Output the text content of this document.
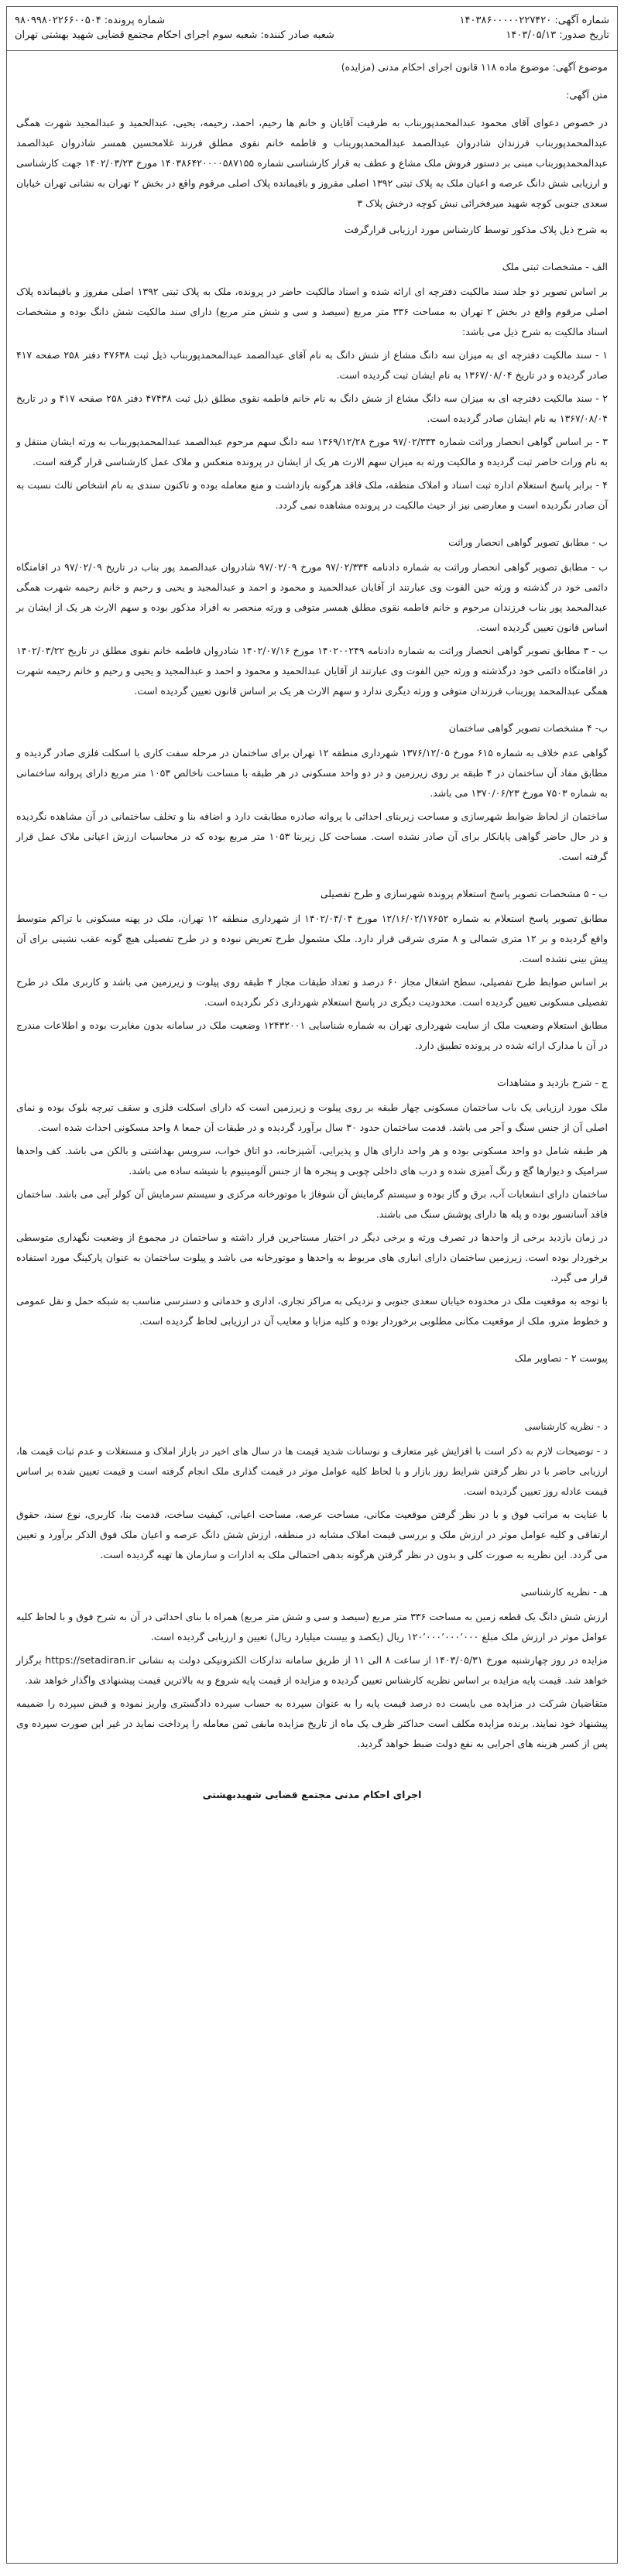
شماره آگهی: ۱۴۰۳۸۶۰۰۰۰۰۲۲۷۴۲۰
تاریخ صدور: ۱۴۰۳/۰۵/۱۳
شماره پرونده: ۹۸۰۹۹۸۰۲۲۶۶۰۰۵۰۴
شعبه صادر کننده: شعبه سوم اجرای احکام مجتمع قضایی شهید بهشتی تهران
موضوع آگهی: موضوع ماده ۱۱۸ قانون اجرای احکام مدنی (مزایده)
متن آگهی:
در خصوص دعوای آقای محمود عبدالمحمدپوربناب به طرفیت آقایان و خانم ها رحیم، احمد، رحیمه، یحیی، عبدالحمید و عبدالمجید شهرت همگی عبدالمحمدپوربناب فرزندان شادروان عبدالصمد عبدالمحمدپوربناب و فاطمه خانم نقوی مطلق فرزند غلامحسین همسر شادروان عبدالصمد عبدالمحمدپوربناب مبنی بر دستور فروش ملک مشاع و عطف به قرار کارشناسی شماره ۱۴۰۳۸۶۴۲۰۰۰۰۵۸۷۱۵۵ مورخ ۱۴۰۲/۰۳/۲۳ جهت کارشناسی و ارزیابی شش دانگ عرصه و اعیان ملک به پلاک ثبتی ۱۳۹۲ اصلی مفروز و باقیمانده پلاک اصلی مرقوم واقع در بخش ۲ تهران به نشانی تهران خیابان سعدی جنوبی کوچه شهید میرفخرائی نبش کوچه درخش پلاک ۳
به شرح ذیل پلاک مذکور توسط کارشناس مورد ارزیابی قرارگرفت
الف - مشخصات ثبتی ملک
بر اساس تصویر دو جلد سند مالکیت دفترچه ای ارائه شده و اسناد مالکیت حاضر در پرونده، ملک به پلاک ثبتی ۱۳۹۲ اصلی مفروز و باقیمانده پلاک اصلی مرقوم واقع در بخش ۲ تهران به مساحت ۳۳۶ متر مربع (سیصد و سی و شش متر مربع) دارای سند مالکیت شش دانگ بوده و مشخصات اسناد مالکیت به شرح ذیل می باشد:
۱ - سند مالکیت دفترچه ای به میزان سه دانگ مشاع از شش دانگ به نام آقای عبدالصمد عبدالمحمدپوربناب ذیل ثبت ۴۷۶۳۸ دفتر ۲۵۸ صفحه ۴۱۷ صادر گردیده و در تاریخ ۱۳۶۷/۰۸/۰۴ به نام ایشان ثبت گردیده است.
۲ - سند مالکیت دفترچه ای به میزان سه دانگ مشاع از شش دانگ به نام خانم فاطمه نقوی مطلق ذیل ثبت ۴۷۴۳۸ دفتر ۲۵۸ صفحه ۴۱۷ و در تاریخ ۱۳۶۷/۰۸/۰۴ به نام ایشان صادر گردیده است.
۳ - بر اساس گواهی انحصار وراثت شماره ۹۷/۰۲/۳۳۴ مورخ ۱۳۶۹/۱۲/۲۸ سه دانگ سهم مرحوم عبدالصمد عبدالمحمدپوربناب به ورثه ایشان منتقل و به نام وراث حاضر ثبت گردیده و مالکیت ورثه به میزان سهم الارث هر یک از ایشان در پرونده منعکس و ملاک عمل کارشناسی قرار گرفته است.
۴ - برابر پاسخ استعلام اداره ثبت اسناد و املاک منطقه، ملک فاقد هرگونه بازداشت و منع معامله بوده و تاکنون سندی به نام اشخاص ثالث نسبت به آن صادر نگردیده است و معارضی نیز از حیث مالکیت در پرونده مشاهده نمی گردد.
ب - مطابق تصویر گواهی انحصار وراثت
ب - مطابق تصویر گواهی انحصار وراثت به شماره دادنامه ۹۷/۰۲/۳۳۴ مورخ ۹۷/۰۲/۰۹ شادروان عبدالصمد پور بناب در تاریخ ۹۷/۰۲/۰۹ در اقامتگاه دائمی خود در گذشته و ورثه حین الفوت وی عبارتند از آقایان عبدالحمید و محمود و احمد و عبدالمجید و یحیی و رحیم و خانم رحیمه شهرت همگی عبدالمحمد پور بناب فرزندان مرحوم و خانم فاطمه نقوی مطلق همسر متوفی و ورثه منحصر به افراد مذکور بوده و سهم الارث هر یک از ایشان بر اساس قانون تعیین گردیده است.
ب - ۳ مطابق تصویر گواهی انحصار وراثت به شماره دادنامه ۱۴۰۲۰۰۲۴۹ مورخ ۱۴۰۲/۰۷/۱۶ شادروان فاطمه خانم نقوی مطلق در تاریخ ۱۴۰۲/۰۳/۲۲ در اقامتگاه دائمی خود درگذشته و ورثه حین الفوت وی عبارتند از آقایان عبدالحمید و محمود و احمد و عبدالمجید و یحیی و رحیم و خانم رحیمه شهرت همگی عبدالمحمد پوربناب فرزندان متوفی و ورثه دیگری ندارد و سهم الارث هر یک بر اساس قانون تعیین گردیده است.
ب- ۴ مشخصات تصویر گواهی ساختمان
گواهی عدم خلاف به شماره ۶۱۵ مورخ ۱۳۷۶/۱۲/۰۵ شهرداری منطقه ۱۲ تهران برای ساختمان در مرحله سفت کاری با اسکلت فلزی صادر گردیده و مطابق مفاد آن ساختمان در ۴ طبقه بر روی زیرزمین و در دو واحد مسکونی در هر طبقه با مساحت ناخالص ۱۰۵۳ متر مربع دارای پروانه ساختمانی به شماره ۷۵۰۳ مورخ ۱۳۷۰/۰۶/۲۳ می باشد.
ساختمان از لحاظ ضوابط شهرسازی و مساحت زیربنای احداثی با پروانه صادره مطابقت دارد و اضافه بنا و تخلف ساختمانی در آن مشاهده نگردیده و در حال حاضر گواهی پایانکار برای آن صادر نشده است. مساحت کل زیربنا ۱۰۵۳ متر مربع بوده که در محاسبات ارزش اعیانی ملاک عمل قرار گرفته است.
ب - ۵ مشخصات تصویر پاسخ استعلام پرونده شهرسازی و طرح تفصیلی
مطابق تصویر پاسخ استعلام به شماره ۱۲/۱۶/۰۲/۱۷۶۵۲ مورخ ۱۴۰۲/۰۴/۰۴ از شهرداری منطقه ۱۲ تهران، ملک در پهنه مسکونی با تراکم متوسط واقع گردیده و بر ۱۲ متری شمالی و ۸ متری شرقی قرار دارد. ملک مشمول طرح تعریض نبوده و در طرح تفصیلی هیچ گونه عقب نشینی برای آن پیش بینی نشده است.
بر اساس ضوابط طرح تفصیلی، سطح اشغال مجاز ۶۰ درصد و تعداد طبقات مجاز ۴ طبقه روی پیلوت و زیرزمین می باشد و کاربری ملک در طرح تفصیلی مسکونی تعیین گردیده است. محدودیت دیگری در پاسخ استعلام شهرداری ذکر نگردیده است.
مطابق استعلام وضعیت ملک از سایت شهرداری تهران به شماره شناسایی ۱۲۴۳۲۰۰۱ وضعیت ملک در سامانه بدون مغایرت بوده و اطلاعات مندرج در آن با مدارک ارائه شده در پرونده تطبیق دارد.
ج - شرح بازدید و مشاهدات
ملک مورد ارزیابی یک باب ساختمان مسکونی چهار طبقه بر روی پیلوت و زیرزمین است که دارای اسکلت فلزی و سقف تیرچه بلوک بوده و نمای اصلی آن از جنس سنگ و آجر می باشد. قدمت ساختمان حدود ۳۰ سال برآورد گردیده و در طبقات آن جمعا ۸ واحد مسکونی احداث شده است.
هر طبقه شامل دو واحد مسکونی بوده و هر واحد دارای هال و پذیرایی، آشپزخانه، دو اتاق خواب، سرویس بهداشتی و بالکن می باشد. کف واحدها سرامیک و دیوارها گچ و رنگ آمیزی شده و درب های داخلی چوبی و پنجره ها از جنس آلومینیوم با شیشه ساده می باشد.
ساختمان دارای انشعابات آب، برق و گاز بوده و سیستم گرمایش آن شوفاژ با موتورخانه مرکزی و سیستم سرمایش آن کولر آبی می باشد. ساختمان فاقد آسانسور بوده و پله ها دارای پوشش سنگ می باشند.
در زمان بازدید برخی از واحدها در تصرف ورثه و برخی دیگر در اختیار مستاجرین قرار داشته و ساختمان در مجموع از وضعیت نگهداری متوسطی برخوردار بوده است. زیرزمین ساختمان دارای انباری های مربوط به واحدها و موتورخانه می باشد و پیلوت ساختمان به عنوان پارکینگ مورد استفاده قرار می گیرد.
با توجه به موقعیت ملک در محدوده خیابان سعدی جنوبی و نزدیکی به مراکز تجاری، اداری و خدماتی و دسترسی مناسب به شبکه حمل و نقل عمومی و خطوط مترو، ملک از موقعیت مکانی مطلوبی برخوردار بوده و کلیه مزایا و معایب آن در ارزیابی لحاظ گردیده است.
پیوست ۲ - تصاویر ملک
د - نظریه کارشناسی
د - توضیحات لازم به ذکر است با افزایش غیر متعارف و نوسانات شدید قیمت ها در سال های اخیر در بازار املاک و مستغلات و عدم ثبات قیمت ها، ارزیابی حاضر با در نظر گرفتن شرایط روز بازار و با لحاظ کلیه عوامل موثر در قیمت گذاری ملک انجام گرفته است و قیمت تعیین شده بر اساس قیمت عادله روز تعیین گردیده است.
با عنایت به مراتب فوق و با در نظر گرفتن موقعیت مکانی، مساحت عرصه، مساحت اعیانی، کیفیت ساخت، قدمت بنا، کاربری، نوع سند، حقوق ارتفاقی و کلیه عوامل موثر در ارزش ملک و بررسی قیمت املاک مشابه در منطقه، ارزش شش دانگ عرصه و اعیان ملک فوق الذکر برآورد و تعیین می گردد. این نظریه به صورت کلی و بدون در نظر گرفتن هرگونه بدهی احتمالی ملک به ادارات و سازمان ها تهیه گردیده است.
هـ - نظریه کارشناسی
ارزش شش دانگ یک قطعه زمین به مساحت ۳۳۶ متر مربع (سیصد و سی و شش متر مربع) همراه با بنای احداثی در آن به شرح فوق و با لحاظ کلیه عوامل موثر در ارزش ملک مبلغ ۱۲۰٬۰۰۰٬۰۰۰٬۰۰۰ ریال (یکصد و بیست میلیارد ریال) تعیین و ارزیابی گردیده است.
مزایده در روز چهارشنبه مورخ ۱۴۰۳/۰۵/۳۱ از ساعت ۸ الی ۱۱ از طریق سامانه تدارکات الکترونیکی دولت به نشانی https://setadiran.ir برگزار خواهد شد. قیمت پایه مزایده بر اساس نظریه کارشناس تعیین گردیده و مزایده از قیمت پایه شروع و به بالاترین قیمت پیشنهادی واگذار خواهد شد.
متقاضیان شرکت در مزایده می بایست ده درصد قیمت پایه را به عنوان سپرده به حساب سپرده دادگستری واریز نموده و قبض سپرده را ضمیمه پیشنهاد خود نمایند. برنده مزایده مکلف است حداکثر ظرف یک ماه از تاریخ مزایده مابقی ثمن معامله را پرداخت نماید در غیر این صورت سپرده وی پس از کسر هزینه های اجرایی به نفع دولت ضبط خواهد گردید.
اجرای احکام مدنی مجتمع قضایی شهیدبهشتی
